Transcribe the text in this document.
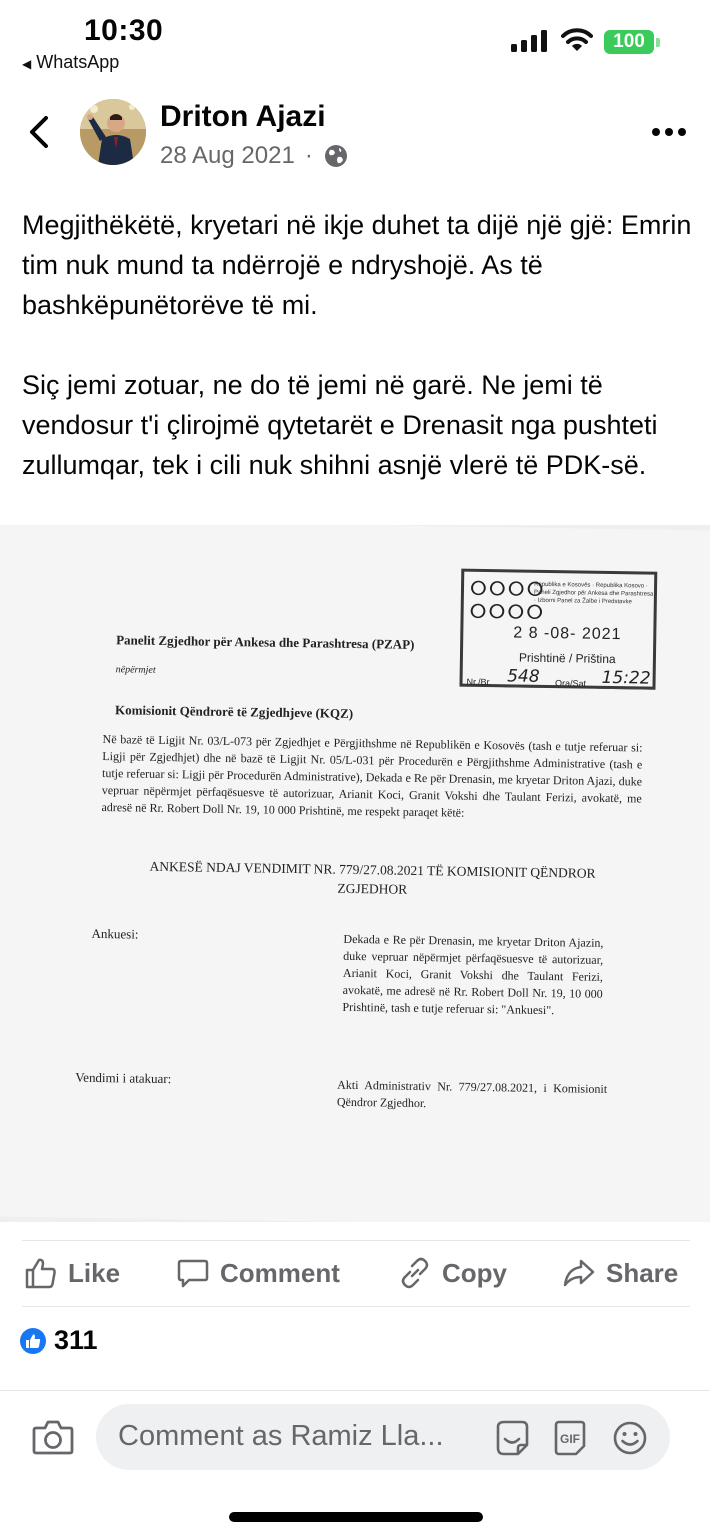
10:30
◀ WhatsApp
100
Driton Ajazi
28 Aug 2021 ·

Megjithëkëtë, kryetari në ikje duhet ta dijë një gjë: Emrin tim nuk mund ta ndërrojë e ndryshojë. As të bashkëpunëtorëve të mi.

Siç jemi zotuar, ne do të jemi në garë. Ne jemi të vendosur t'i çlirojmë qytetarët e Drenasit nga pushteti zullumqar, tek i cili nuk shihni asnjë vlerë të PDK-së.

ⵔⵔⵔⵔ
ⵔⵔⵔⵔ
Republika e Kosovës · Republika Kosovo · Paneli Zgjedhor për Ankesa dhe Parashtresa · Izborni Panel za Žalbe i Predstavke
2 8 -08- 2021
Prishtinë / Priština
Nr./Br. 548	Ora/Sat 15:22
Panelit Zgjedhor për Ankesa dhe Parashtresa (PZAP)
nëpërmjet
Komisionit Qëndrorë të Zgjedhjeve (KQZ)
Në bazë të Ligjit Nr. 03/L-073 për Zgjedhjet e Përgjithshme në Republikën e Kosovës (tash e tutje referuar si: Ligji për Zgjedhjet) dhe në bazë të Ligjit Nr. 05/L-031 për Procedurën e Përgjithshme Administrative (tash e tutje referuar si: Ligji për Procedurën Administrative), Dekada e Re për Drenasin, me kryetar Driton Ajazi, duke vepruar nëpërmjet përfaqësuesve të autorizuar, Arianit Koci, Granit Vokshi dhe Taulant Ferizi, avokatë, me adresë në Rr. Robert Doll Nr. 19, 10 000 Prishtinë, me respekt paraqet këtë:
ANKESË NDAJ VENDIMIT NR. 779/27.08.2021 TË KOMISIONIT QËNDROR
ZGJEDHOR
Ankuesi:	Dekada e Re për Drenasin, me kryetar Driton Ajazin, duke vepruar nëpërmjet përfaqësuesve të autorizuar, Arianit Koci, Granit Vokshi dhe Taulant Ferizi, avokatë, me adresë në Rr. Robert Doll Nr. 19, 10 000 Prishtinë, tash e tutje referuar si: "Ankuesi".
Vendimi i atakuar:	Akti Administrativ Nr. 779/27.08.2021, i Komisionit Qëndror Zgjedhor.
Like	Comment	Copy	Share
311
Comment as Ramiz Lla...	GIF
